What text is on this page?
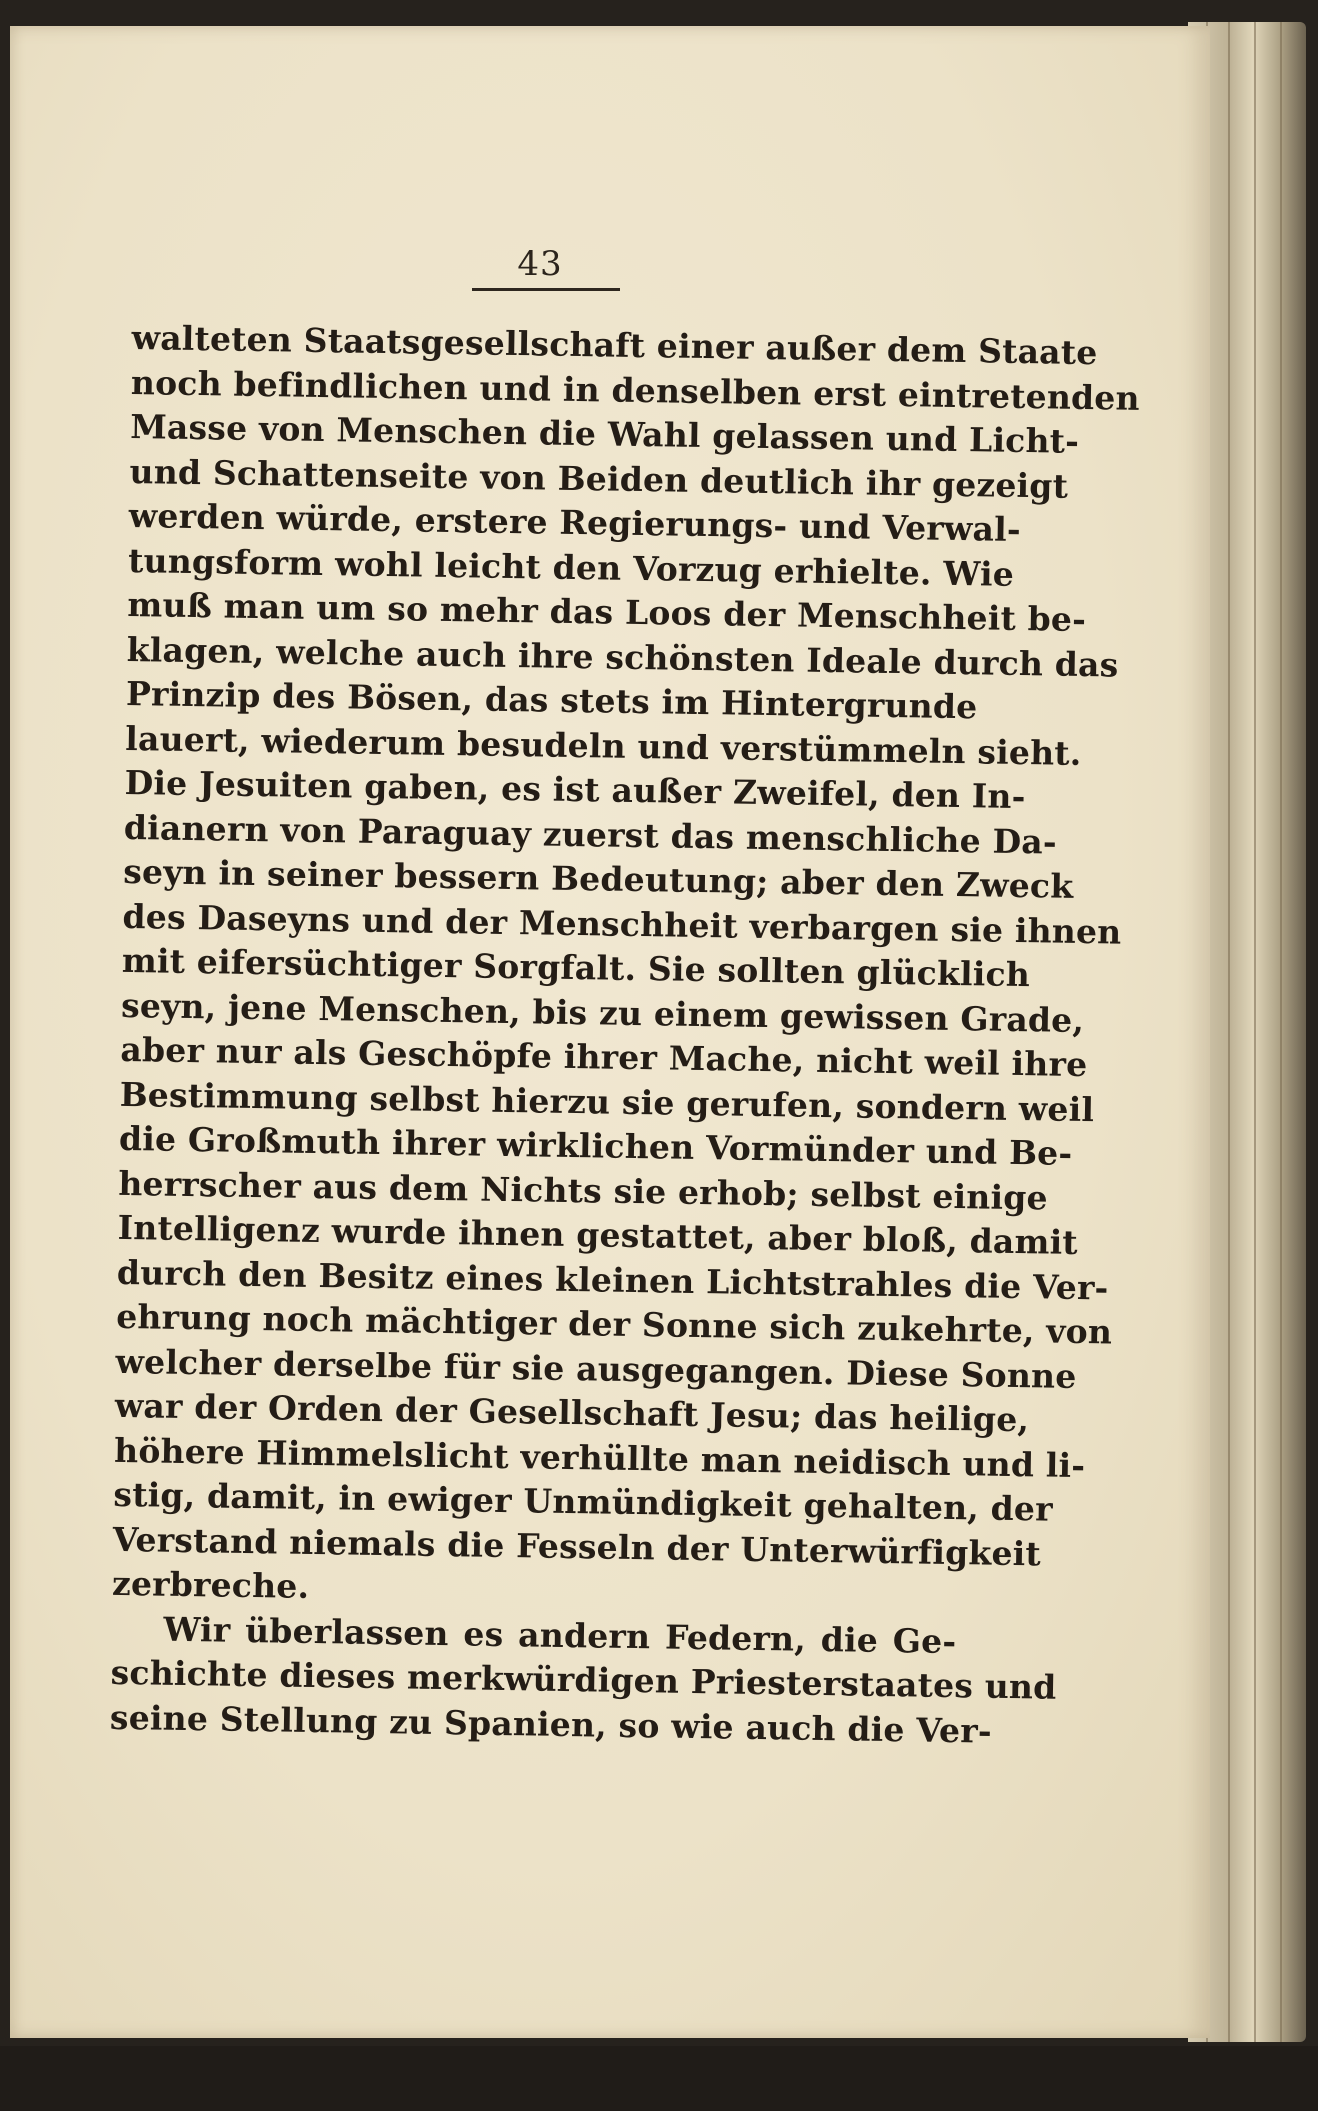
43
walteten Staatsgesellschaft einer außer dem Staate
noch befindlichen und in denselben erst eintretenden
Masse von Menschen die Wahl gelassen und Licht-
und Schattenseite von Beiden deutlich ihr gezeigt
werden würde, erstere Regierungs- und Verwal-
tungsform wohl leicht den Vorzug erhielte. Wie
muß man um so mehr das Loos der Menschheit be-
klagen, welche auch ihre schönsten Ideale durch das
Prinzip des Bösen, das stets im Hintergrunde
lauert, wiederum besudeln und verstümmeln sieht.
Die Jesuiten gaben, es ist außer Zweifel, den In-
dianern von Paraguay zuerst das menschliche Da-
seyn in seiner bessern Bedeutung; aber den Zweck
des Daseyns und der Menschheit verbargen sie ihnen
mit eifersüchtiger Sorgfalt. Sie sollten glücklich
seyn, jene Menschen, bis zu einem gewissen Grade,
aber nur als Geschöpfe ihrer Mache, nicht weil ihre
Bestimmung selbst hierzu sie gerufen, sondern weil
die Großmuth ihrer wirklichen Vormünder und Be-
herrscher aus dem Nichts sie erhob; selbst einige
Intelligenz wurde ihnen gestattet, aber bloß, damit
durch den Besitz eines kleinen Lichtstrahles die Ver-
ehrung noch mächtiger der Sonne sich zukehrte, von
welcher derselbe für sie ausgegangen. Diese Sonne
war der Orden der Gesellschaft Jesu; das heilige,
höhere Himmelslicht verhüllte man neidisch und li-
stig, damit, in ewiger Unmündigkeit gehalten, der
Verstand niemals die Fesseln der Unterwürfigkeit
zerbreche.
Wir überlassen es andern Federn, die Ge-
schichte dieses merkwürdigen Priesterstaates und
seine Stellung zu Spanien, so wie auch die Ver-
